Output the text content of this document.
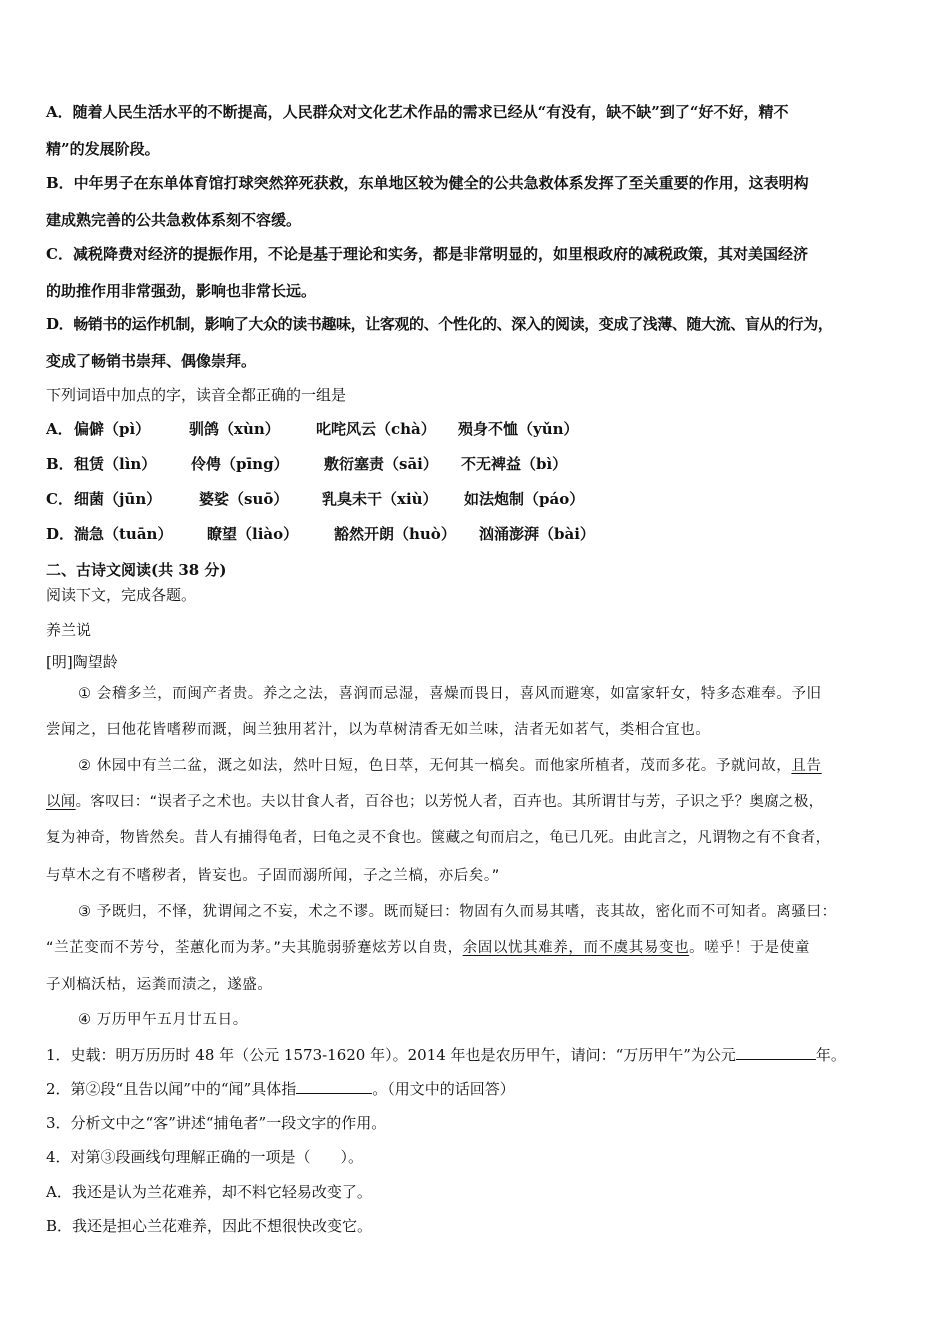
A．随着人民生活水平的不断提高，人民群众对文化艺术作品的需求已经从“有没有，缺不缺”到了“好不好，精不
精”的发展阶段。
B．中年男子在东单体育馆打球突然猝死获救，东单地区较为健全的公共急救体系发挥了至关重要的作用，这表明构
建成熟完善的公共急救体系刻不容缓。
C．减税降费对经济的提振作用，不论是基于理论和实务，都是非常明显的，如里根政府的减税政策，其对美国经济
的助推作用非常强劲，影响也非常长远。
D．畅销书的运作机制，影响了大众的读书趣味，让客观的、个性化的、深入的阅读，变成了浅薄、随大流、盲从的行为，
变成了畅销书崇拜、偶像崇拜。
下列词语中加点的字，读音全都正确的一组是
A．偏僻（pì）	驯鸽（xùn） 叱咤风云（chà） 殒身不恤（yǔn）
B．租赁（lìn） 伶俜（pīng） 敷衍塞责（sāi） 不无裨益（bì）
C．细菌（jūn）	婆娑（suō） 乳臭未干（xiù） 如法炮制（páo）
D．湍急（tuān） 瞭望（liào） 豁然开朗（huò） 汹涌澎湃（bài）
二、古诗文阅读(共 38 分)
阅读下文，完成各题。
养兰说
[明]陶望龄
① 会稽多兰，而闽产者贵。养之之法，喜润而忌湿，喜燥而畏日，喜风而避寒，如富家轩女，特多态难奉。予旧
尝闻之，曰他花皆嗜秽而溉，闽兰独用茗汁，以为草树清香无如兰味，洁者无如茗气，类相合宜也。
② 休园中有兰二盆，溉之如法，然叶日短，色日萃，无何其一槁矣。而他家所植者，茂而多花。予就问故，且告
以闻。客叹曰：“误者子之术也。夫以甘食人者，百谷也；以芳悦人者，百卉也。其所谓甘与芳，子识之乎？奥腐之极，
复为神奇，物皆然矣。昔人有捕得龟者，曰龟之灵不食也。箧藏之旬而启之，龟已几死。由此言之，凡谓物之有不食者，
与草木之有不嗜秽者，皆妄也。子固而溺所闻，子之兰槁，亦后矣。”
③ 予既归，不怿，犹谓闻之不妄，术之不谬。既而疑曰：物固有久而易其嗜，丧其故，密化而不可知者。离骚曰：
“兰芷变而不芳兮，荃蕙化而为茅。”夫其脆弱骄蹇炫芳以自贵，余固以忧其难养，而不虞其易变也。嗟乎！于是使童
子刈槁沃枯，运粪而渍之，遂盛。
④ 万历甲午五月廿五日。
1．史载：明万历历时 48 年（公元 1573-1620 年）。2014 年也是农历甲午，请问：“万历甲午”为公元	年。
2．第②段“且告以闻”中的“闻”具体指	。（用文中的话回答）
3．分析文中之“客”讲述“捕龟者”一段文字的作用。
4．对第③段画线句理解正确的一项是（　　）。
A．我还是认为兰花难养，却不料它轻易改变了。
B．我还是担心兰花难养，因此不想很快改变它。
